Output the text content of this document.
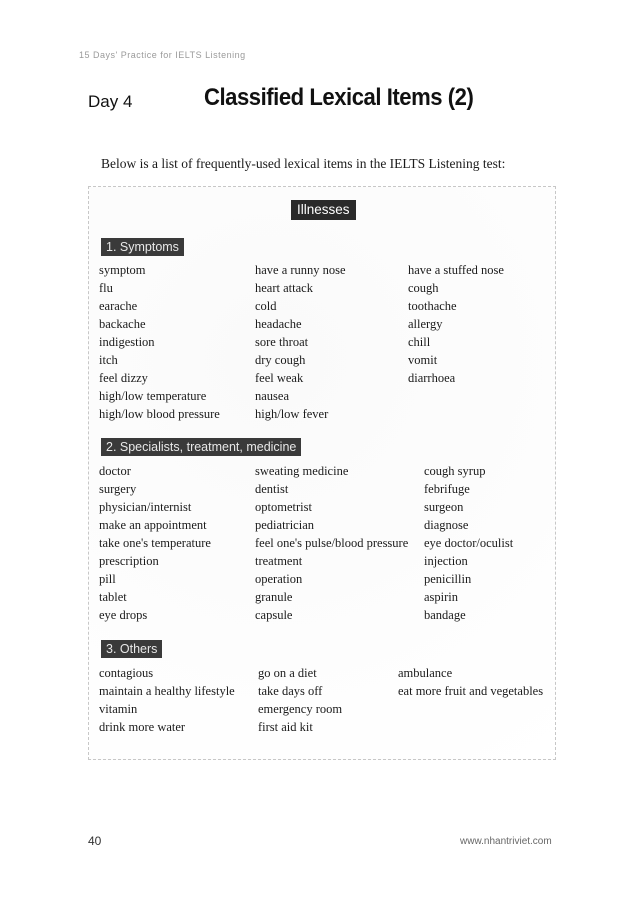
15 Days' Practice for IELTS Listening
Day 4	Classified Lexical Items (2)
Below is a list of frequently-used lexical items in the IELTS Listening test:
Illnesses
1. Symptoms
symptom
flu
earache
backache
indigestion
itch
feel dizzy
high/low temperature
high/low blood pressure
have a runny nose
heart attack
cold
headache
sore throat
dry cough
feel weak
nausea
high/low fever
have a stuffed nose
cough
toothache
allergy
chill
vomit
diarrhoea
2. Specialists, treatment, medicine
doctor
surgery
physician/internist
make an appointment
take one's temperature
prescription
pill
tablet
eye drops
sweating medicine
dentist
optometrist
pediatrician
feel one's pulse/blood pressure
treatment
operation
granule
capsule
cough syrup
febrifuge
surgeon
diagnose
eye doctor/oculist
injection
penicillin
aspirin
bandage
3. Others
contagious
maintain a healthy lifestyle
vitamin
drink more water
go on a diet
take days off
emergency room
first aid kit
ambulance
eat more fruit and vegetables
40	www.nhantriviet.com
